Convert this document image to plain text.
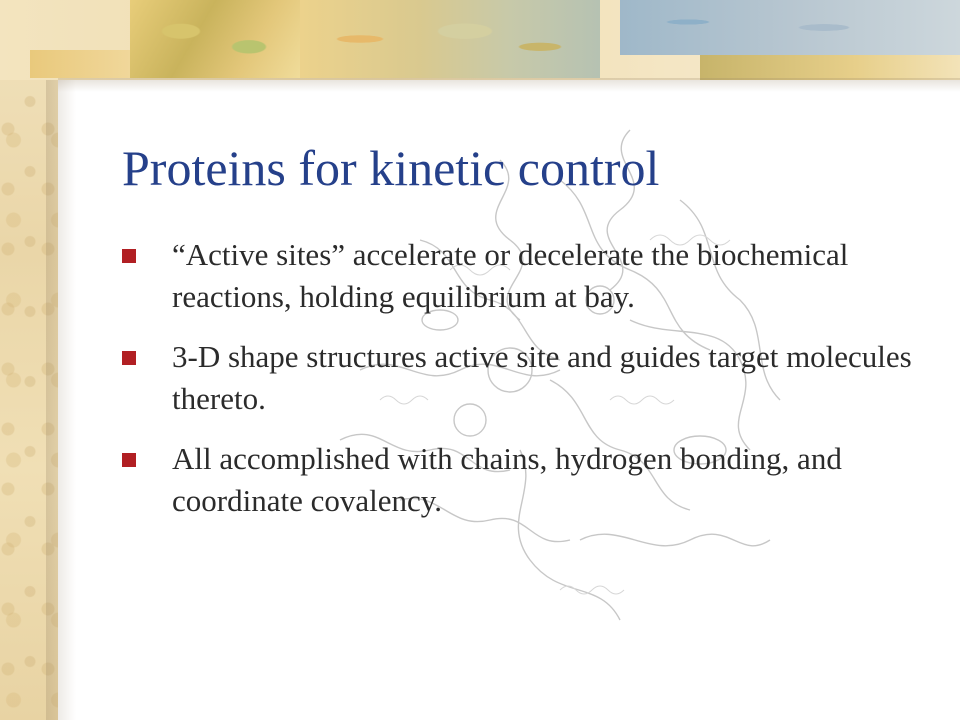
Proteins for kinetic control
“Active sites” accelerate or decelerate the biochemical reactions, holding equilibrium at bay.
3-D shape structures active site and guides target molecules thereto.
All accomplished with chains, hydrogen bonding, and coordinate covalency.
